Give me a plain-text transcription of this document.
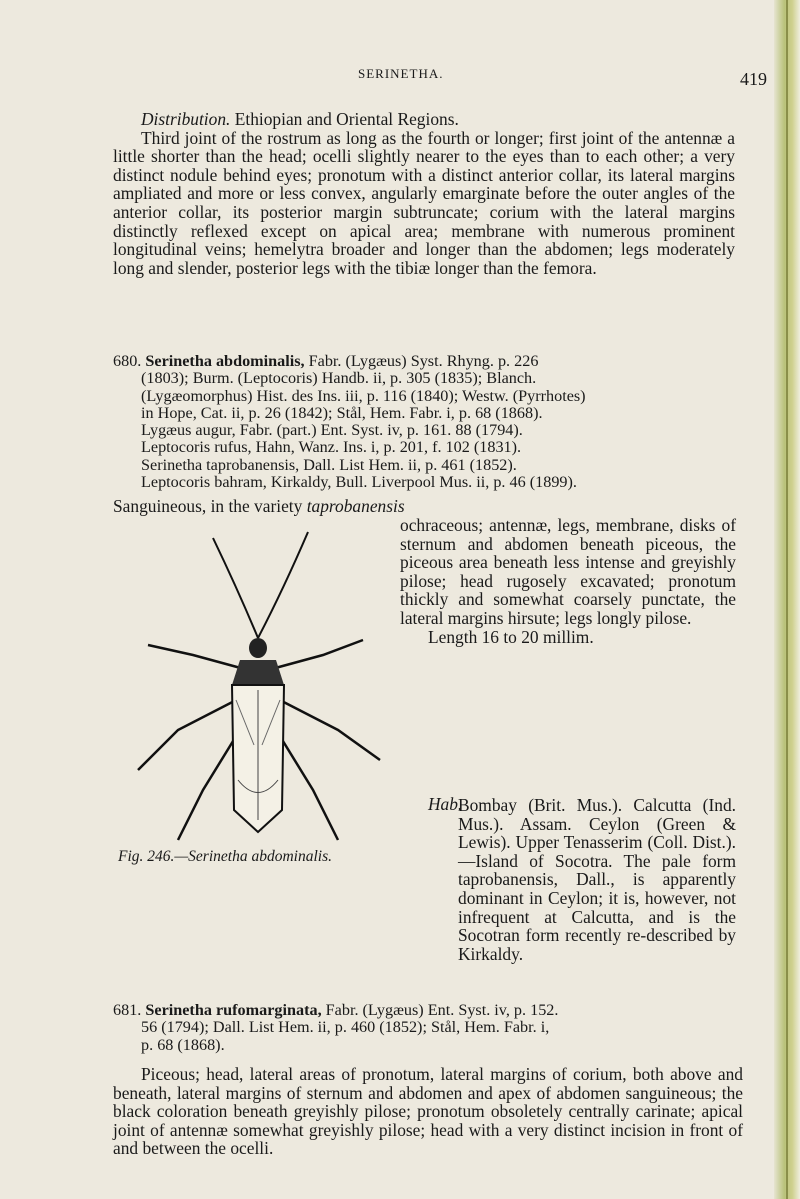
SERINETHA.	419
Distribution. Ethiopian and Oriental Regions.
Third joint of the rostrum as long as the fourth or longer; first joint of the antennæ a little shorter than the head; ocelli slightly nearer to the eyes than to each other; a very distinct nodule behind eyes; pronotum with a distinct anterior collar, its lateral margins ampliated and more or less convex, angularly emarginate before the outer angles of the anterior collar, its posterior margin subtruncate; corium with the lateral margins distinctly reflexed except on apical area; membrane with numerous prominent longitudinal veins; hemelytra broader and longer than the abdomen; legs moderately long and slender, posterior legs with the tibiæ longer than the femora.
680. Serinetha abdominalis, Fabr. (Lygæus) Syst. Rhyng. p. 226
(1803); Burm. (Leptocoris) Handb. ii, p. 305 (1835); Blanch.
(Lygæomorphus) Hist. des Ins. iii, p. 116 (1840); Westw. (Pyrrhotes)
in Hope, Cat. ii, p. 26 (1842); Stål, Hem. Fabr. i, p. 68 (1868).
Lygæus augur, Fabr. (part.) Ent. Syst. iv, p. 161. 88 (1794).
Leptocoris rufus, Hahn, Wanz. Ins. i, p. 201, f. 102 (1831).
Serinetha taprobanensis, Dall. List Hem. ii, p. 461 (1852).
Leptocoris bahram, Kirkaldy, Bull. Liverpool Mus. ii, p. 46 (1899).
Sanguineous, in the variety taprobanensis
Fig. 246.—Serinetha abdominalis.
ochraceous; antennæ, legs, membrane, disks of sternum and abdomen beneath piceous, the piceous area beneath less intense and greyishly pilose; head rugosely excavated; pronotum thickly and somewhat coarsely punctate, the lateral margins hirsute; legs longly pilose.
Length 16 to 20 millim.
Hab.
Bombay (Brit. Mus.). Calcutta (Ind. Mus.). Assam. Ceylon (Green & Lewis). Upper Tenasserim (Coll. Dist.).—Island of Socotra. The pale form taprobanensis, Dall., is apparently dominant in Ceylon; it is, however, not infrequent at Calcutta, and is the Socotran form recently re-described by Kirkaldy.
681. Serinetha rufomarginata, Fabr. (Lygæus) Ent. Syst. iv, p. 152.
56 (1794); Dall. List Hem. ii, p. 460 (1852); Stål, Hem. Fabr. i,
p. 68 (1868).
Piceous; head, lateral areas of pronotum, lateral margins of corium, both above and beneath, lateral margins of sternum and abdomen and apex of abdomen sanguineous; the black coloration beneath greyishly pilose; pronotum obsoletely centrally carinate; apical joint of antennæ somewhat greyishly pilose; head with a very distinct incision in front of and between the ocelli.
